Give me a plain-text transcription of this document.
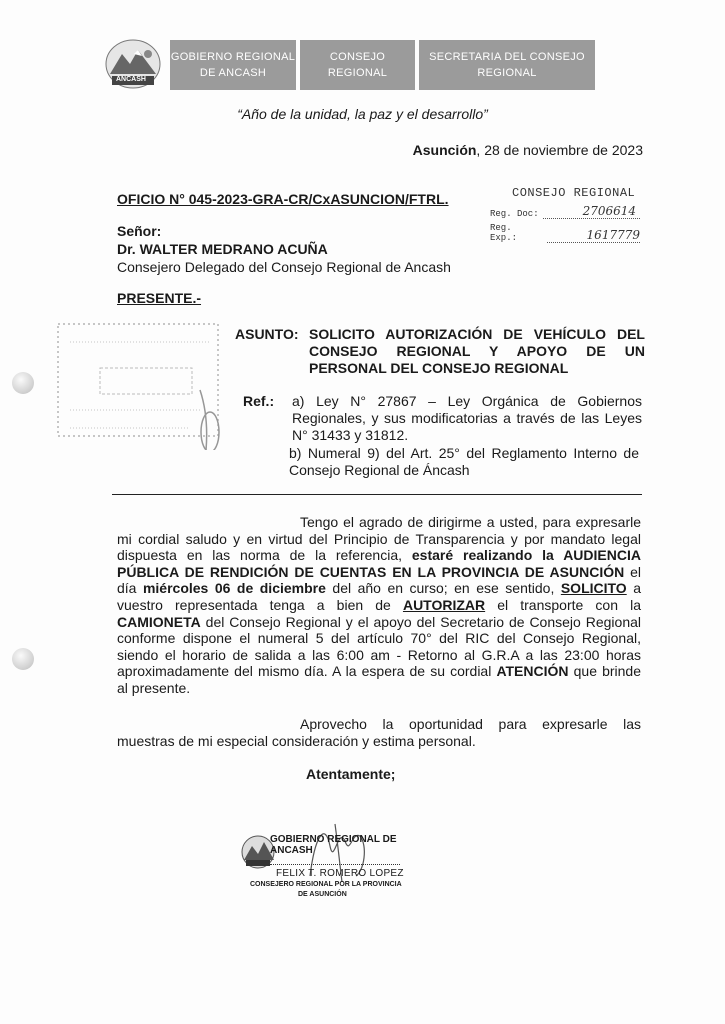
ANCASH
GOBIERNO REGIONAL DE ANCASH
CONSEJO REGIONAL
SECRETARIA DEL CONSEJO REGIONAL
“Año de la unidad, la paz y el desarrollo”
Asunción, 28 de noviembre de 2023
OFICIO N° 045-2023-GRA-CR/CxASUNCION/FTRL.	CONSEJO REGIONAL
Reg. Doc:	2706614
Reg. Exp.:	1617779
Señor:
Dr. WALTER MEDRANO ACUÑA
Consejero Delegado del Consejo Regional de Ancash
PRESENTE.-
ASUNTO: SOLICITO AUTORIZACIÓN DE VEHÍCULO DEL CONSEJO REGIONAL Y APOYO DE UN PERSONAL DEL CONSEJO REGIONAL
Ref.: a) Ley N° 27867 – Ley Orgánica de Gobiernos Regionales, y sus modificatorias a través de las Leyes N° 31433 y 31812.
b) Numeral 9) del Art. 25° del Reglamento Interno de Consejo Regional de Áncash
Tengo el agrado de dirigirme a usted, para expresarle mi cordial saludo y en virtud del Principio de Transparencia y por mandato legal dispuesta en las norma de la referencia, estaré realizando la AUDIENCIA PÚBLICA DE RENDICIÓN DE CUENTAS EN LA PROVINCIA DE ASUNCIÓN el día miércoles 06 de diciembre del año en curso; en ese sentido, SOLICITO a vuestro representada tenga a bien de AUTORIZAR el transporte con la CAMIONETA del Consejo Regional y el apoyo del Secretario de Consejo Regional conforme dispone el numeral 5 del artículo 70° del RIC del Consejo Regional, siendo el horario de salida a las 6:00 am - Retorno al G.R.A a las 23:00 horas aproximadamente del mismo día. A la espera de su cordial ATENCIÓN que brinde al presente.
Aprovecho la oportunidad para expresarle las muestras de mi especial consideración y estima personal.
Atentamente;
GOBIERNO REGIONAL DE ANCASH
FELIX T. ROMERO LOPEZ
CONSEJERO REGIONAL POR LA PROVINCIA
DE ASUNCIÓN
